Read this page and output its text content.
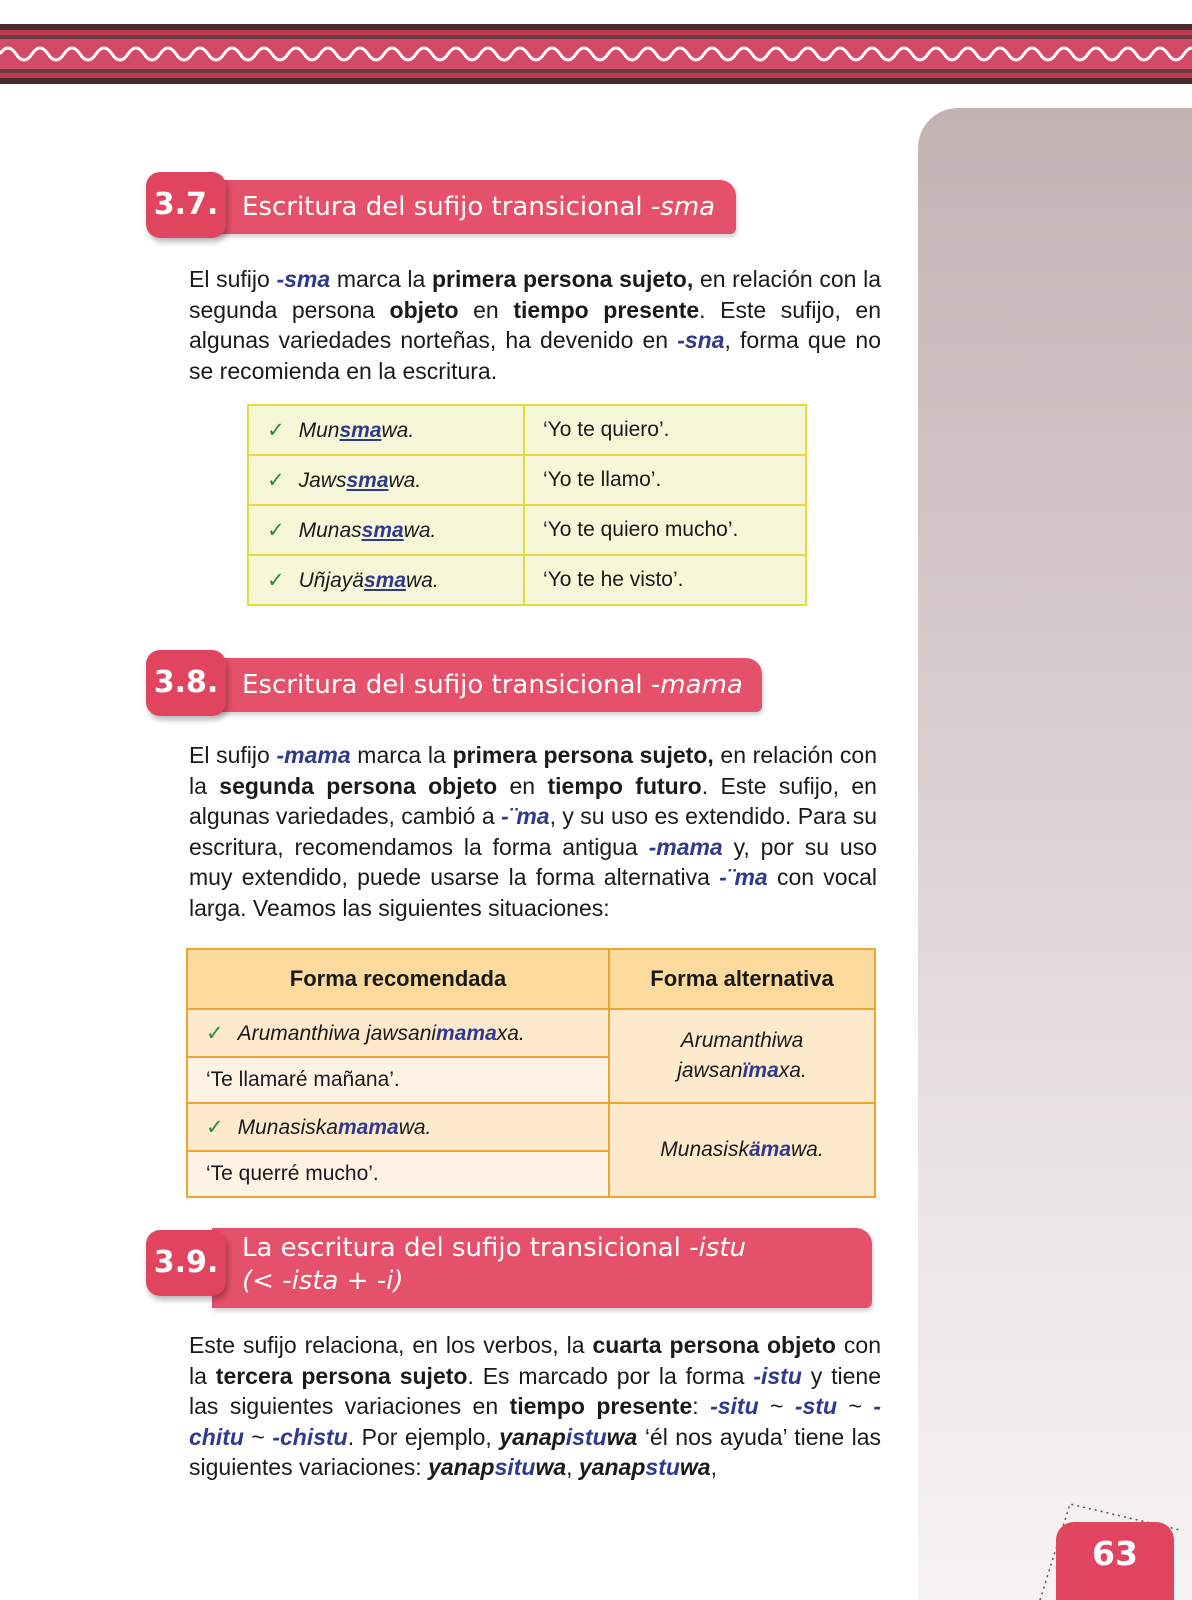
63
Escritura del sufijo transicional -sma
3.7.

El sufijo -sma marca la primera persona sujeto, en relación con la segunda persona objeto en tiempo presente. Este sufijo, en algunas variedades norteñas, ha devenido en -sna, forma que no se recomienda en la escritura.

✓ Munsmawa.	‘Yo te quiero’.
✓ Jawssmawa.	‘Yo te llamo’.
✓ Munassmawa.	‘Yo te quiero mucho’.
✓ Uñjayäsmawa.	‘Yo te he visto’.
Escritura del sufijo transicional -mama
3.8.

El sufijo -mama marca la primera persona sujeto, en relación con la segunda persona objeto en tiempo futuro. Este sufijo, en algunas variedades, cambió a -¨ma, y su uso es extendido. Para su escritura, recomendamos la forma antigua -mama y, por su uso muy extendido, puede usarse la forma alternativa -¨ma con vocal larga. Veamos las siguientes situaciones:

Forma recomendada	Forma alternativa
✓ Arumanthiwa jawsanimamaxa.	Arumanthiwa
jawsanïmaxa.
‘Te llamaré mañana’.	
✓ Munasiskamamawa.	Munasiskämawa.
‘Te querré mucho’.	
La escritura del sufijo transicional -istu
(< -ista + -i)
3.9.

Este sufijo relaciona, en los verbos, la cuarta persona objeto con la tercera persona sujeto. Es marcado por la forma -istu y tiene las siguientes variaciones en tiempo presente: -situ ~ -stu ~ -chitu ~ -chistu. Por ejemplo, yanapistuwa ‘él nos ayuda’ tiene las siguientes variaciones: yanapsituwa, yanapstuwa,
